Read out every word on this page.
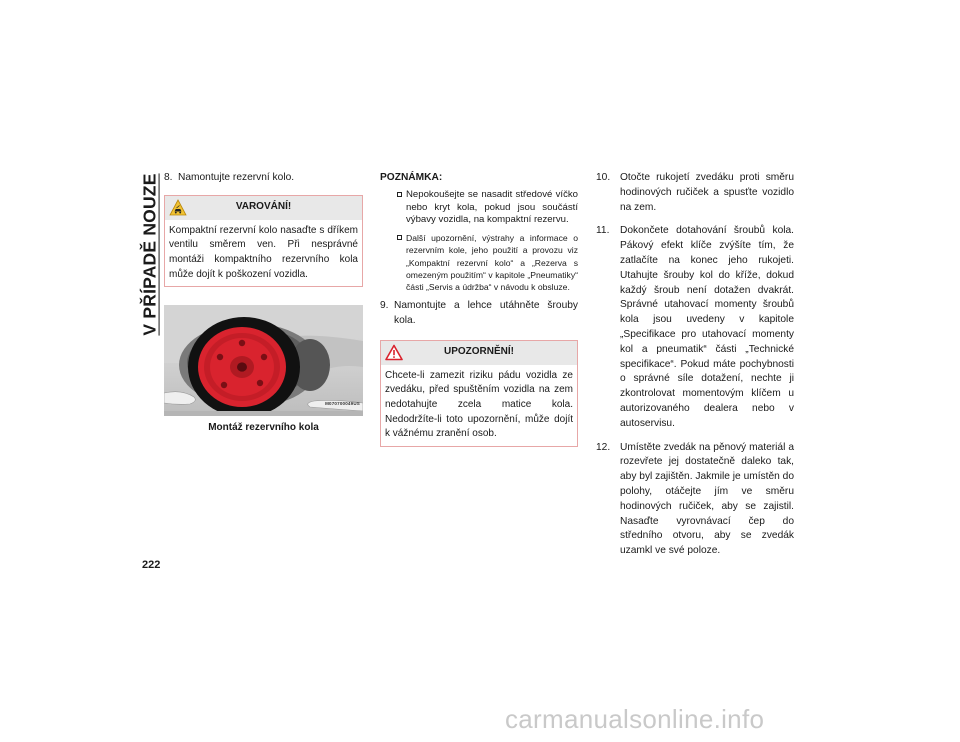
V PŘÍPADĚ NOUZE
222

8. Namontujte rezervní kolo.

VAROVÁNÍ!
Kompaktní rezervní kolo nasaďte s dříkem ventilu směrem ven. Při nesprávné montáži kompaktního rezervního kola může dojít k poškození vozidla.
M070700049US
Montáž rezervního kola
POZNÁMKA:
Nepokoušejte se nasadit středové víčko nebo kryt kola, pokud jsou součástí výbavy vozidla, na kompaktní rezervu.
Další upozornění, výstrahy a informace o rezervním kole, jeho použití a provozu viz „Kompaktní rezervní kolo“ a „Rezerva s omezeným použitím“ v kapitole „Pneumatiky“ části „Servis a údržba“ v návodu k obsluze.

9. Namontujte a lehce utáhněte šrouby kola.

UPOZORNĚNÍ!
Chcete-li zamezit riziku pádu vozidla ze zvedáku, před spuštěním vozidla na zem nedotahujte zcela matice kola. Nedodržíte-li toto upozornění, může dojít k vážnému zranění osob.

10. Otočte rukojetí zvedáku proti směru hodinových ručiček a spusťte vozidlo na zem.

11. Dokončete dotahování šroubů kola. Pákový efekt klíče zvýšíte tím, že zatlačíte na konec jeho rukojeti. Utahujte šrouby kol do kříže, dokud každý šroub není dotažen dvakrát. Správné utahovací momenty šroubů kola jsou uvedeny v kapitole „Specifikace pro utahovací momenty kol a pneumatik“ části „Technické specifikace“. Pokud máte pochybnosti o správné síle dotažení, nechte ji zkontrolovat momentovým klíčem u autorizovaného dealera nebo v autoservisu.

12. Umístěte zvedák na pěnový materiál a rozevřete jej dostatečně daleko tak, aby byl zajištěn. Jakmile je umístěn do polohy, otáčejte jím ve směru hodinových ručiček, aby se zajistil. Nasaďte vyrovnávací čep do středního otvoru, aby se zvedák uzamkl ve své poloze.

carmanualsonline.info
